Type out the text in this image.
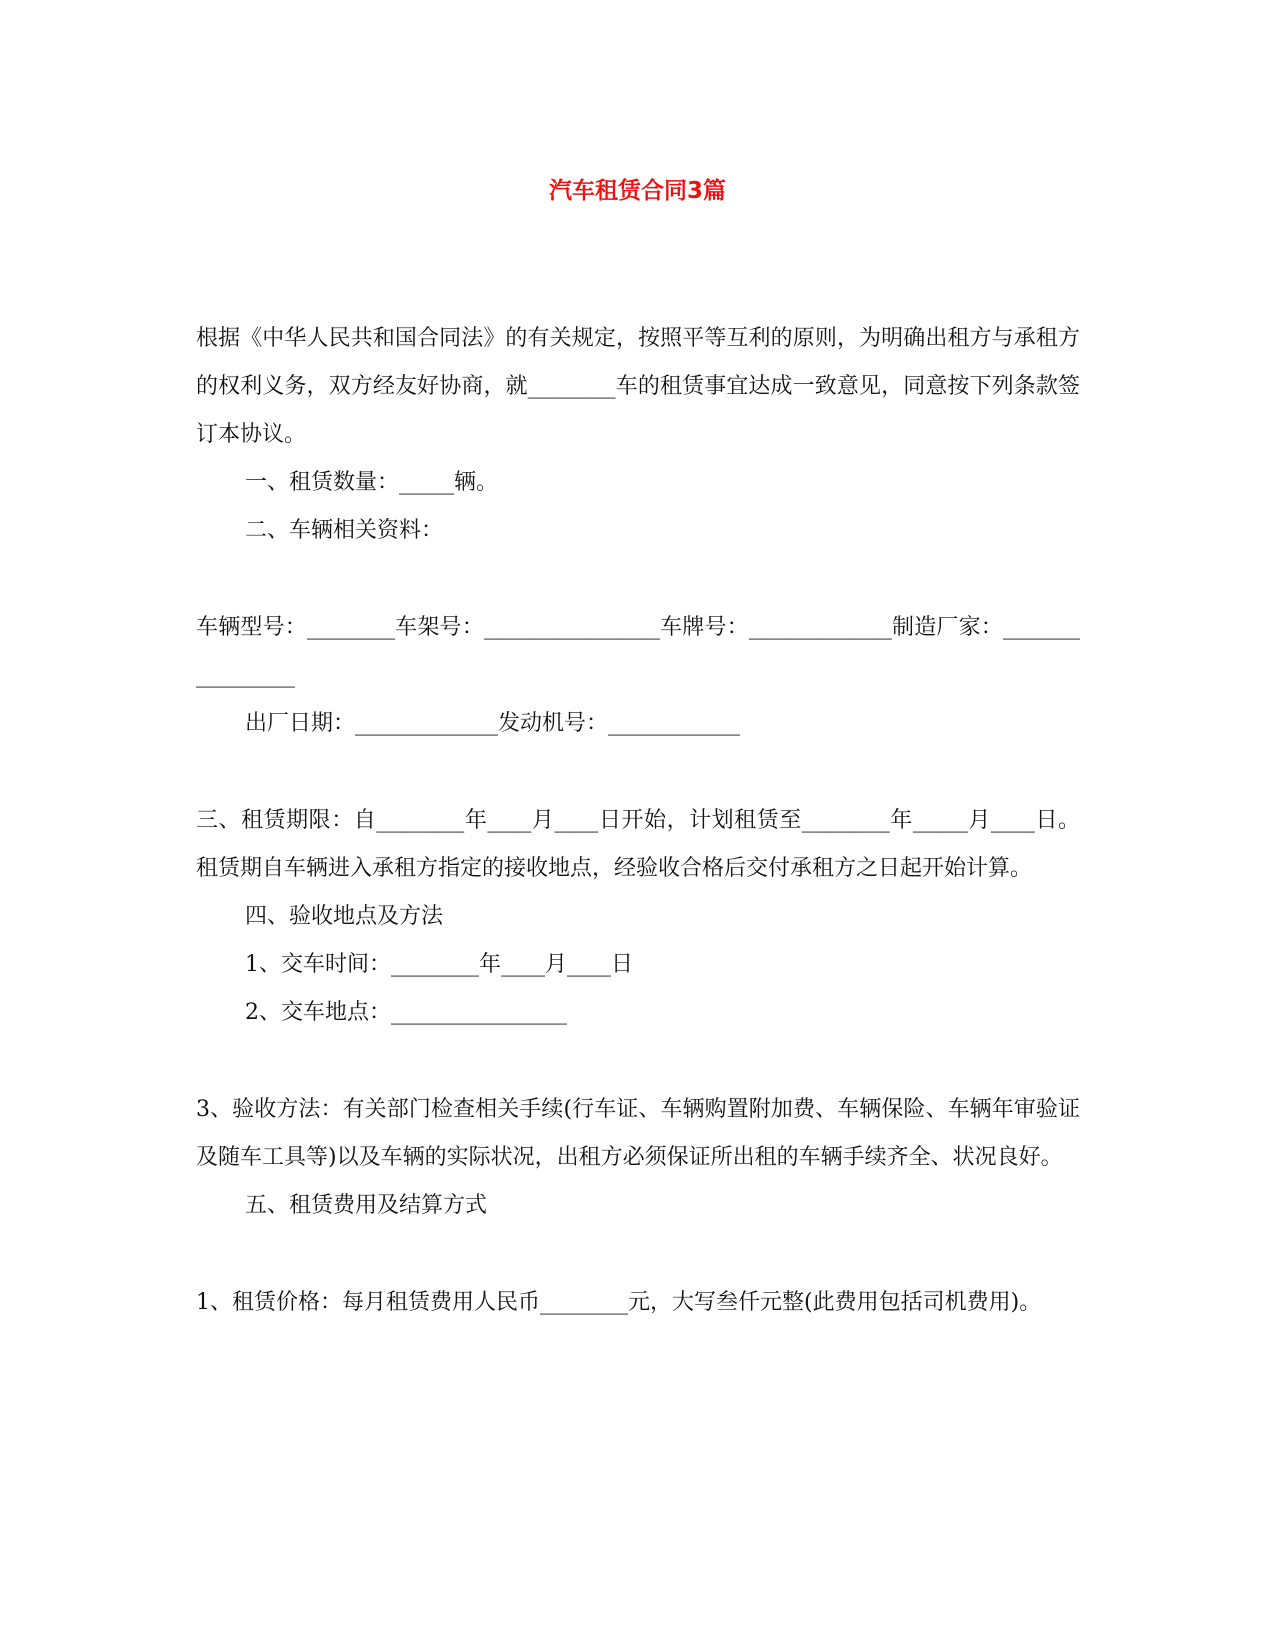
汽车租赁合同3篇

根据《中华人民共和国合同法》的有关规定，按照平等互利的原则，为明确出租方与承租方的权利义务，双方经友好协商，就________车的租赁事宜达成一致意见，同意按下列条款签订本协议。

一、租赁数量：_____辆。

二、车辆相关资料：

车辆型号：________车架号：________________车牌号：_____________制造厂家：________________

出厂日期：_____________发动机号：____________

三、租赁期限：自________年____月____日开始，计划租赁至________年_____月____日。租赁期自车辆进入承租方指定的接收地点，经验收合格后交付承租方之日起开始计算。

四、验收地点及方法

1、交车时间：________年____月____日

2、交车地点：________________

3、验收方法：有关部门检查相关手续(行车证、车辆购置附加费、车辆保险、车辆年审验证及随车工具等)以及车辆的实际状况，出租方必须保证所出租的车辆手续齐全、状况良好。

五、租赁费用及结算方式

1、租赁价格：每月租赁费用人民币________元，大写叁仟元整(此费用包括司机费用)。
